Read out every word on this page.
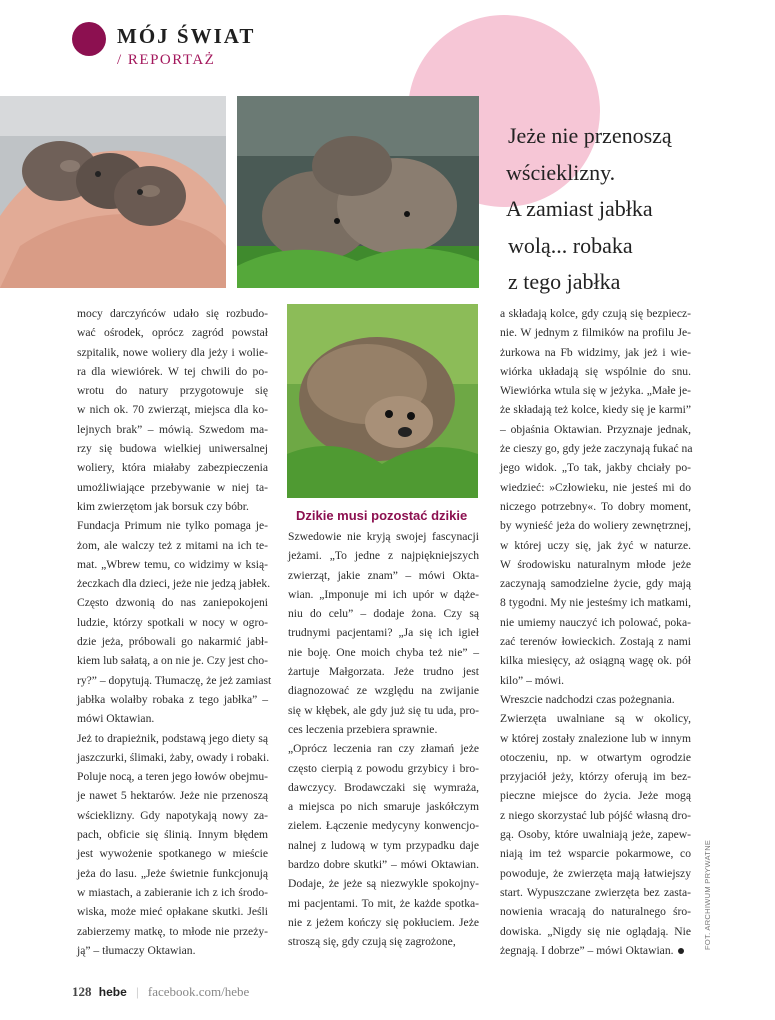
MÓJ ŚWIAT
/ REPORTAŻ
Jeże nie przenoszą
wścieklizny.
A zamiast jabłka
wolą... robaka
z tego jabłka
Dzikie musi pozostać dzikie
mocy darczyńców udało się rozbudo-
wać ośrodek, oprócz zagród powstał
szpitalik, nowe woliery dla jeży i wolie-
ra dla wiewiórek. W tej chwili do po-
wrotu do natury przygotowuje się
w nich ok. 70 zwierząt, miejsca dla ko-
lejnych brak” – mówią. Szwedom ma-
rzy się budowa wielkiej uniwersalnej
woliery, która miałaby zabezpieczenia
umożliwiające przebywanie w niej ta-
kim zwierzętom jak borsuk czy bóbr.
Fundacja Primum nie tylko pomaga je-
żom, ale walczy też z mitami na ich te-
mat. „Wbrew temu, co widzimy w ksią-
żeczkach dla dzieci, jeże nie jedzą jabłek.
Często dzwonią do nas zaniepokojeni
ludzie, którzy spotkali w nocy w ogro-
dzie jeża, próbowali go nakarmić jabł-
kiem lub sałatą, a on nie je. Czy jest cho-
ry?” – dopytują. Tłumaczę, że jeż zamiast
jabłka wolałby robaka z tego jabłka” –
mówi Oktawian.
Jeż to drapieżnik, podstawą jego diety są
jaszczurki, ślimaki, żaby, owady i robaki.
Poluje nocą, a teren jego łowów obejmu-
je nawet 5 hektarów. Jeże nie przenoszą
wścieklizny. Gdy napotykają nowy za-
pach, obficie się ślinią. Innym błędem
jest wywożenie spotkanego w mieście
jeża do lasu. „Jeże świetnie funkcjonują
w miastach, a zabieranie ich z ich środo-
wiska, może mieć opłakane skutki. Jeśli
zabierzemy matkę, to młode nie przeży-
ją” – tłumaczy Oktawian.
Szwedowie nie kryją swojej fascynacji
jeżami. „To jedne z najpiękniejszych
zwierząt, jakie znam” – mówi Okta-
wian. „Imponuje mi ich upór w dąże-
niu do celu” – dodaje żona. Czy są
trudnymi pacjentami? „Ja się ich igieł
nie boję. One moich chyba też nie” –
żartuje Małgorzata. Jeże trudno jest
diagnozować ze względu na zwijanie
się w kłębek, ale gdy już się tu uda, pro-
ces leczenia przebiera sprawnie.
„Oprócz leczenia ran czy złamań jeże
często cierpią z powodu grzybicy i bro-
dawczycy. Brodawczaki się wymraża,
a miejsca po nich smaruje jaskółczym
zielem. Łączenie medycyny konwencjo-
nalnej z ludową w tym przypadku daje
bardzo dobre skutki” – mówi Oktawian.
Dodaje, że jeże są niezwykle spokojny-
mi pacjentami. To mit, że każde spotka-
nie z jeżem kończy się pokłuciem. Jeże
stroszą się, gdy czują się zagrożone,
a składają kolce, gdy czują się bezpiecz-
nie. W jednym z filmików na profilu Je-
żurkowa na Fb widzimy, jak jeż i wie-
wiórka układają się wspólnie do snu.
Wiewiórka wtula się w jeżyka. „Małe je-
że składają też kolce, kiedy się je karmi”
– objaśnia Oktawian. Przyznaje jednak,
że cieszy go, gdy jeże zaczynają fukać na
jego widok. „To tak, jakby chciały po-
wiedzieć: »Człowieku, nie jesteś mi do
niczego potrzebny«. To dobry moment,
by wynieść jeża do woliery zewnętrznej,
w której uczy się, jak żyć w naturze.
W środowisku naturalnym młode jeże
zaczynają samodzielne życie, gdy mają
8 tygodni. My nie jesteśmy ich matkami,
nie umiemy nauczyć ich polować, poka-
zać terenów łowieckich. Zostają z nami
kilka miesięcy, aż osiągną wagę ok. pół
kilo” – mówi.
Wreszcie nadchodzi czas pożegnania.
Zwierzęta uwalniane są w okolicy,
w której zostały znalezione lub w innym
otoczeniu, np. w otwartym ogrodzie
przyjaciół jeży, którzy oferują im bez-
pieczne miejsce do życia. Jeże mogą
z niego skorzystać lub pójść własną dro-
gą. Osoby, które uwalniają jeże, zapew-
niają im też wsparcie pokarmowe, co
powoduje, że zwierzęta mają łatwiejszy
start. Wypuszczane zwierzęta bez zasta-
nowienia wracają do naturalnego śro-
dowiska. „Nigdy się nie oglądają. Nie
żegnają. I dobrze” – mówi Oktawian.
FOT. ARCHIWUM PRYWATNE
128 hebe | facebook.com/hebe
